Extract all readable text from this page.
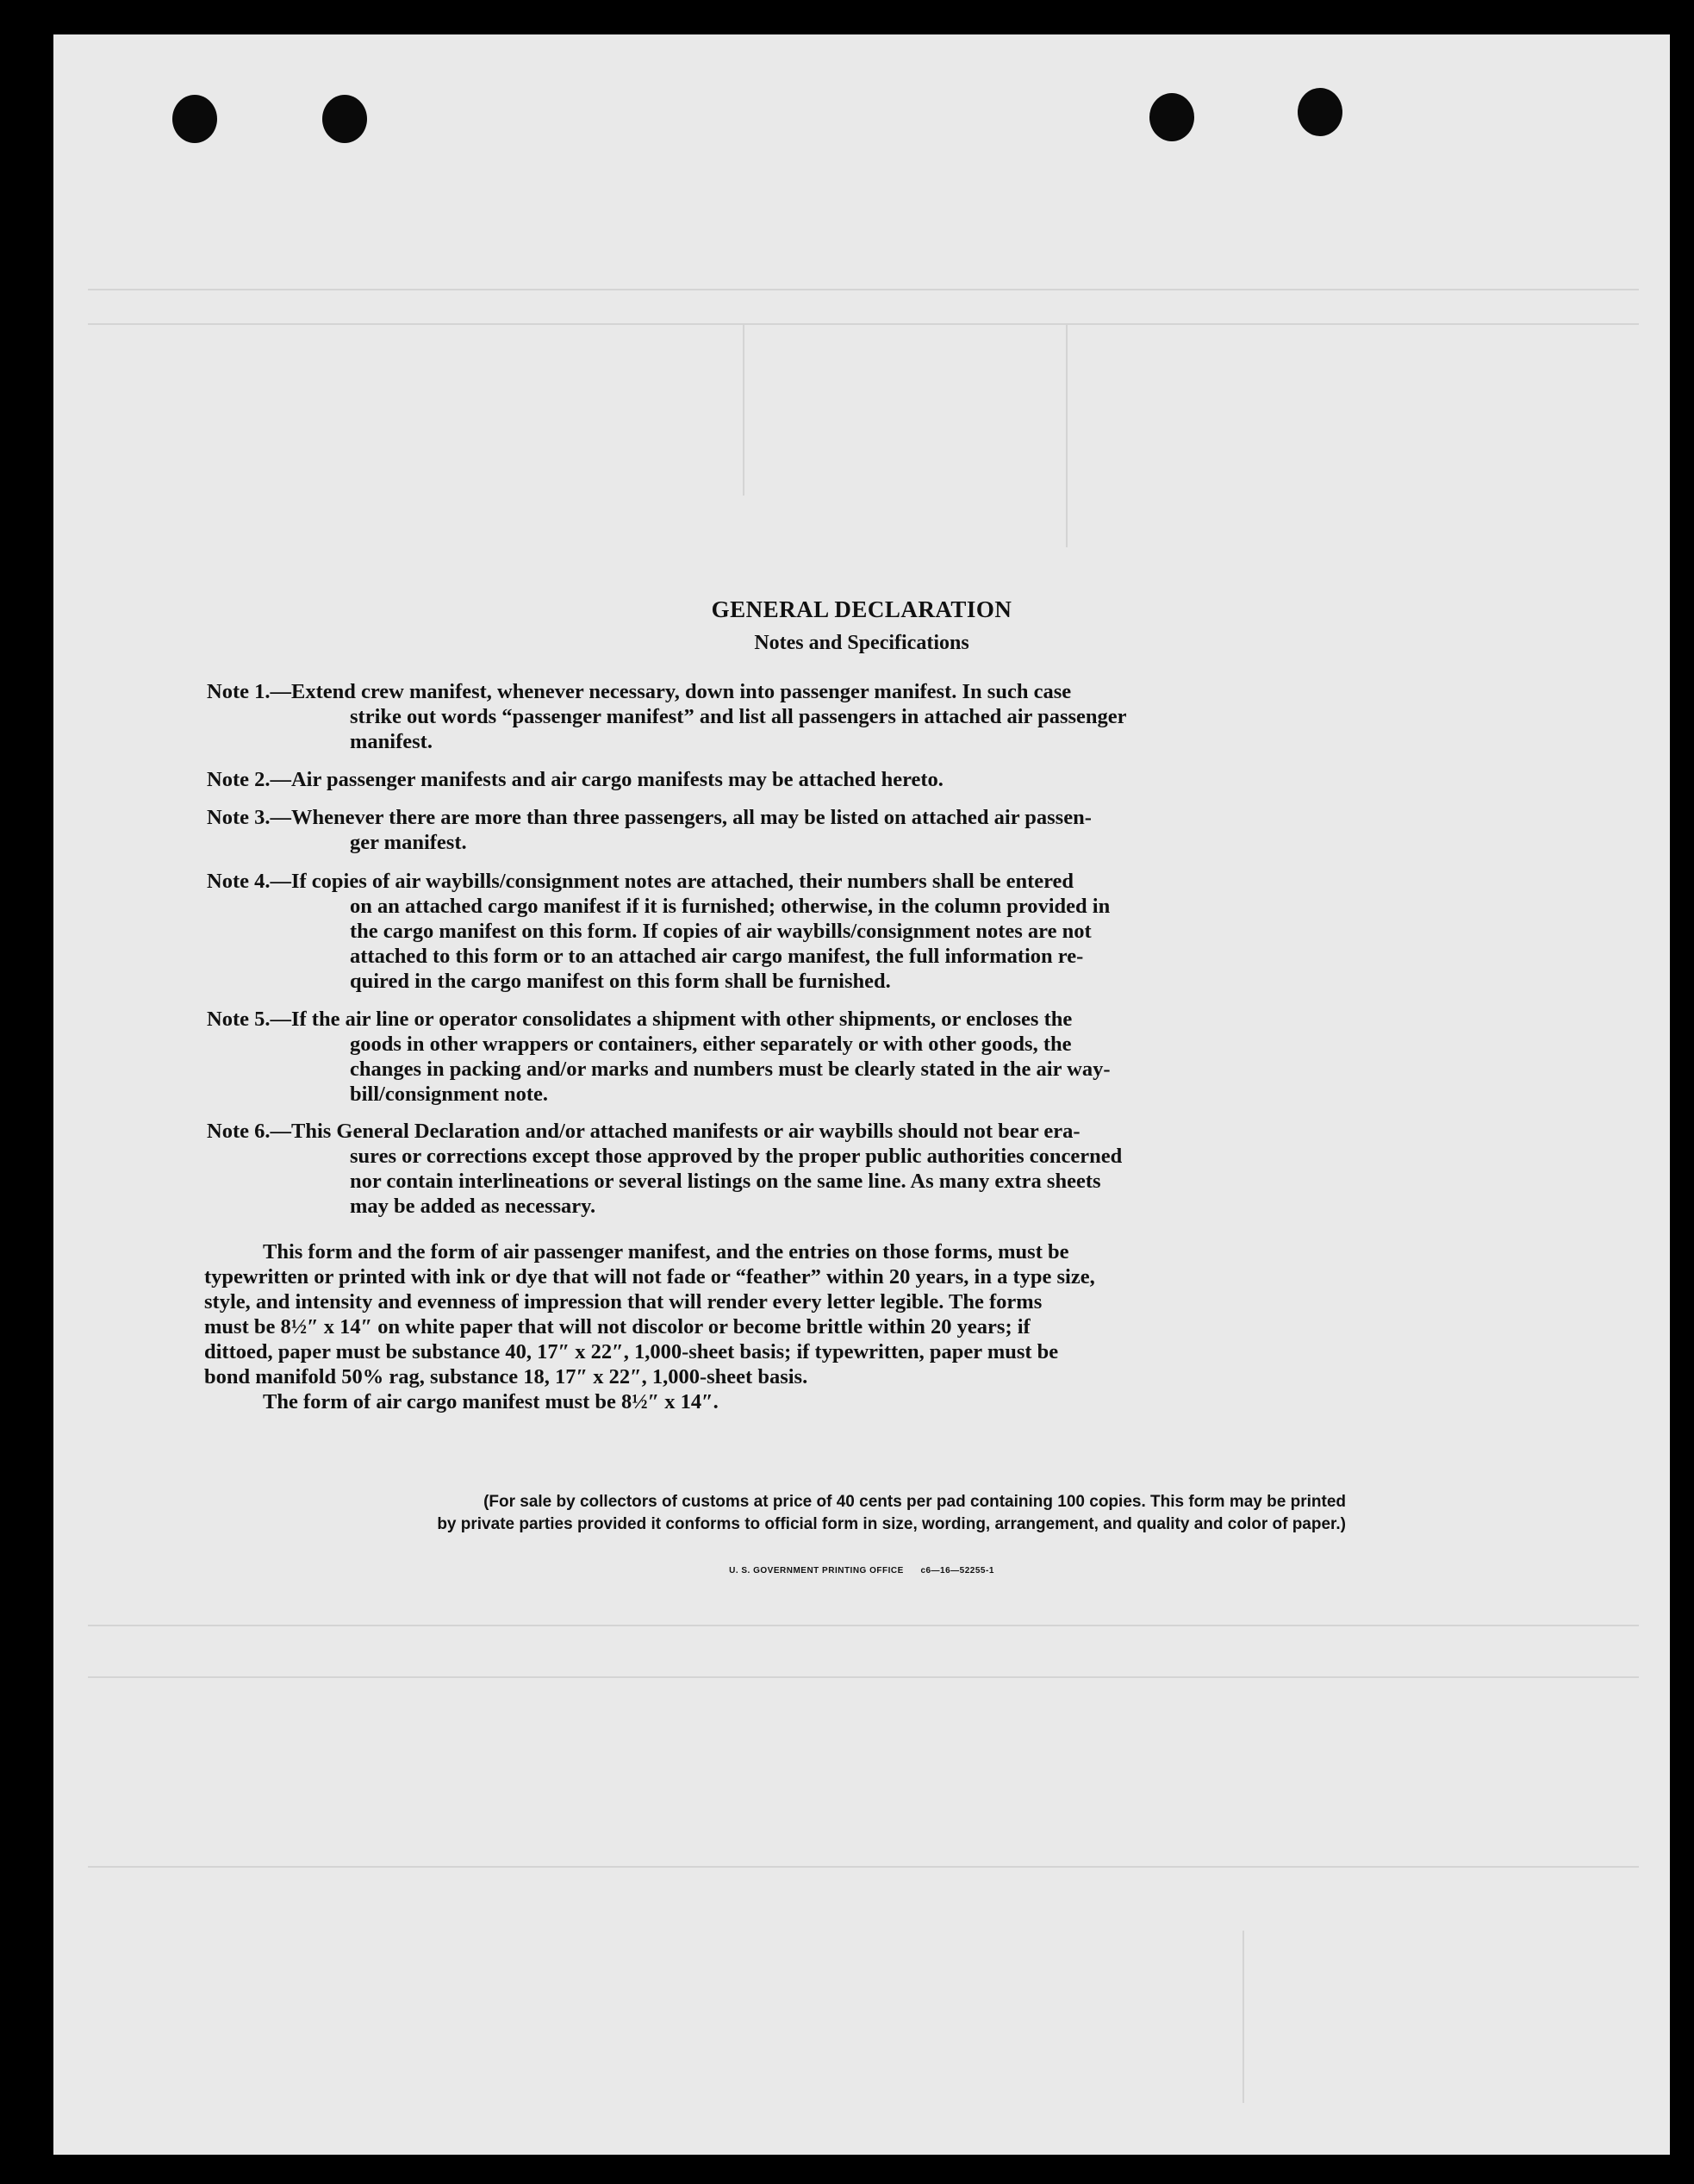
GENERAL DECLARATION
Notes and Specifications
Note 1.—Extend crew manifest, whenever necessary, down into passenger manifest. In such case
strike out words “passenger manifest” and list all passengers in attached air passenger
manifest.
Note 2.—Air passenger manifests and air cargo manifests may be attached hereto.
Note 3.—Whenever there are more than three passengers, all may be listed on attached air passen-
ger manifest.
Note 4.—If copies of air waybills/consignment notes are attached, their numbers shall be entered
on an attached cargo manifest if it is furnished; otherwise, in the column provided in
the cargo manifest on this form. If copies of air waybills/consignment notes are not
attached to this form or to an attached air cargo manifest, the full information re-
quired in the cargo manifest on this form shall be furnished.
Note 5.—If the air line or operator consolidates a shipment with other shipments, or encloses the
goods in other wrappers or containers, either separately or with other goods, the
changes in packing and/or marks and numbers must be clearly stated in the air way-
bill/consignment note.
Note 6.—This General Declaration and/or attached manifests or air waybills should not bear era-
sures or corrections except those approved by the proper public authorities concerned
nor contain interlineations or several listings on the same line. As many extra sheets
may be added as necessary.
This form and the form of air passenger manifest, and the entries on those forms, must be
typewritten or printed with ink or dye that will not fade or “feather” within 20 years, in a type size,
style, and intensity and evenness of impression that will render every letter legible. The forms
must be 8½″ x 14″ on white paper that will not discolor or become brittle within 20 years; if
dittoed, paper must be substance 40, 17″ x 22″, 1,000-sheet basis; if typewritten, paper must be
bond manifold 50% rag, substance 18, 17″ x 22″, 1,000-sheet basis.
The form of air cargo manifest must be 8½″ x 14″.
(For sale by collectors of customs at price of 40 cents per pad containing 100 copies. This form may be printed
by private parties provided it conforms to official form in size, wording, arrangement, and quality and color of paper.)
U. S. GOVERNMENT PRINTING OFFICE      c6—16—52255-1
